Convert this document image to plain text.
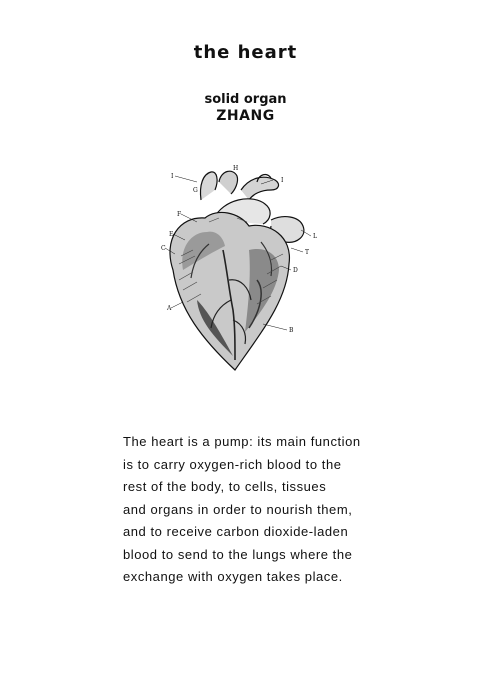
the heart
solid organ
ZHANG
I
H
I
G
F
E
C
L
T
D
A
B
The heart is a pump: its main function
is to carry oxygen-rich blood to the
rest of the body, to cells, tissues
and organs in order to nourish them,
and to receive carbon dioxide-laden
blood to send to the lungs where the
exchange with oxygen takes place.
